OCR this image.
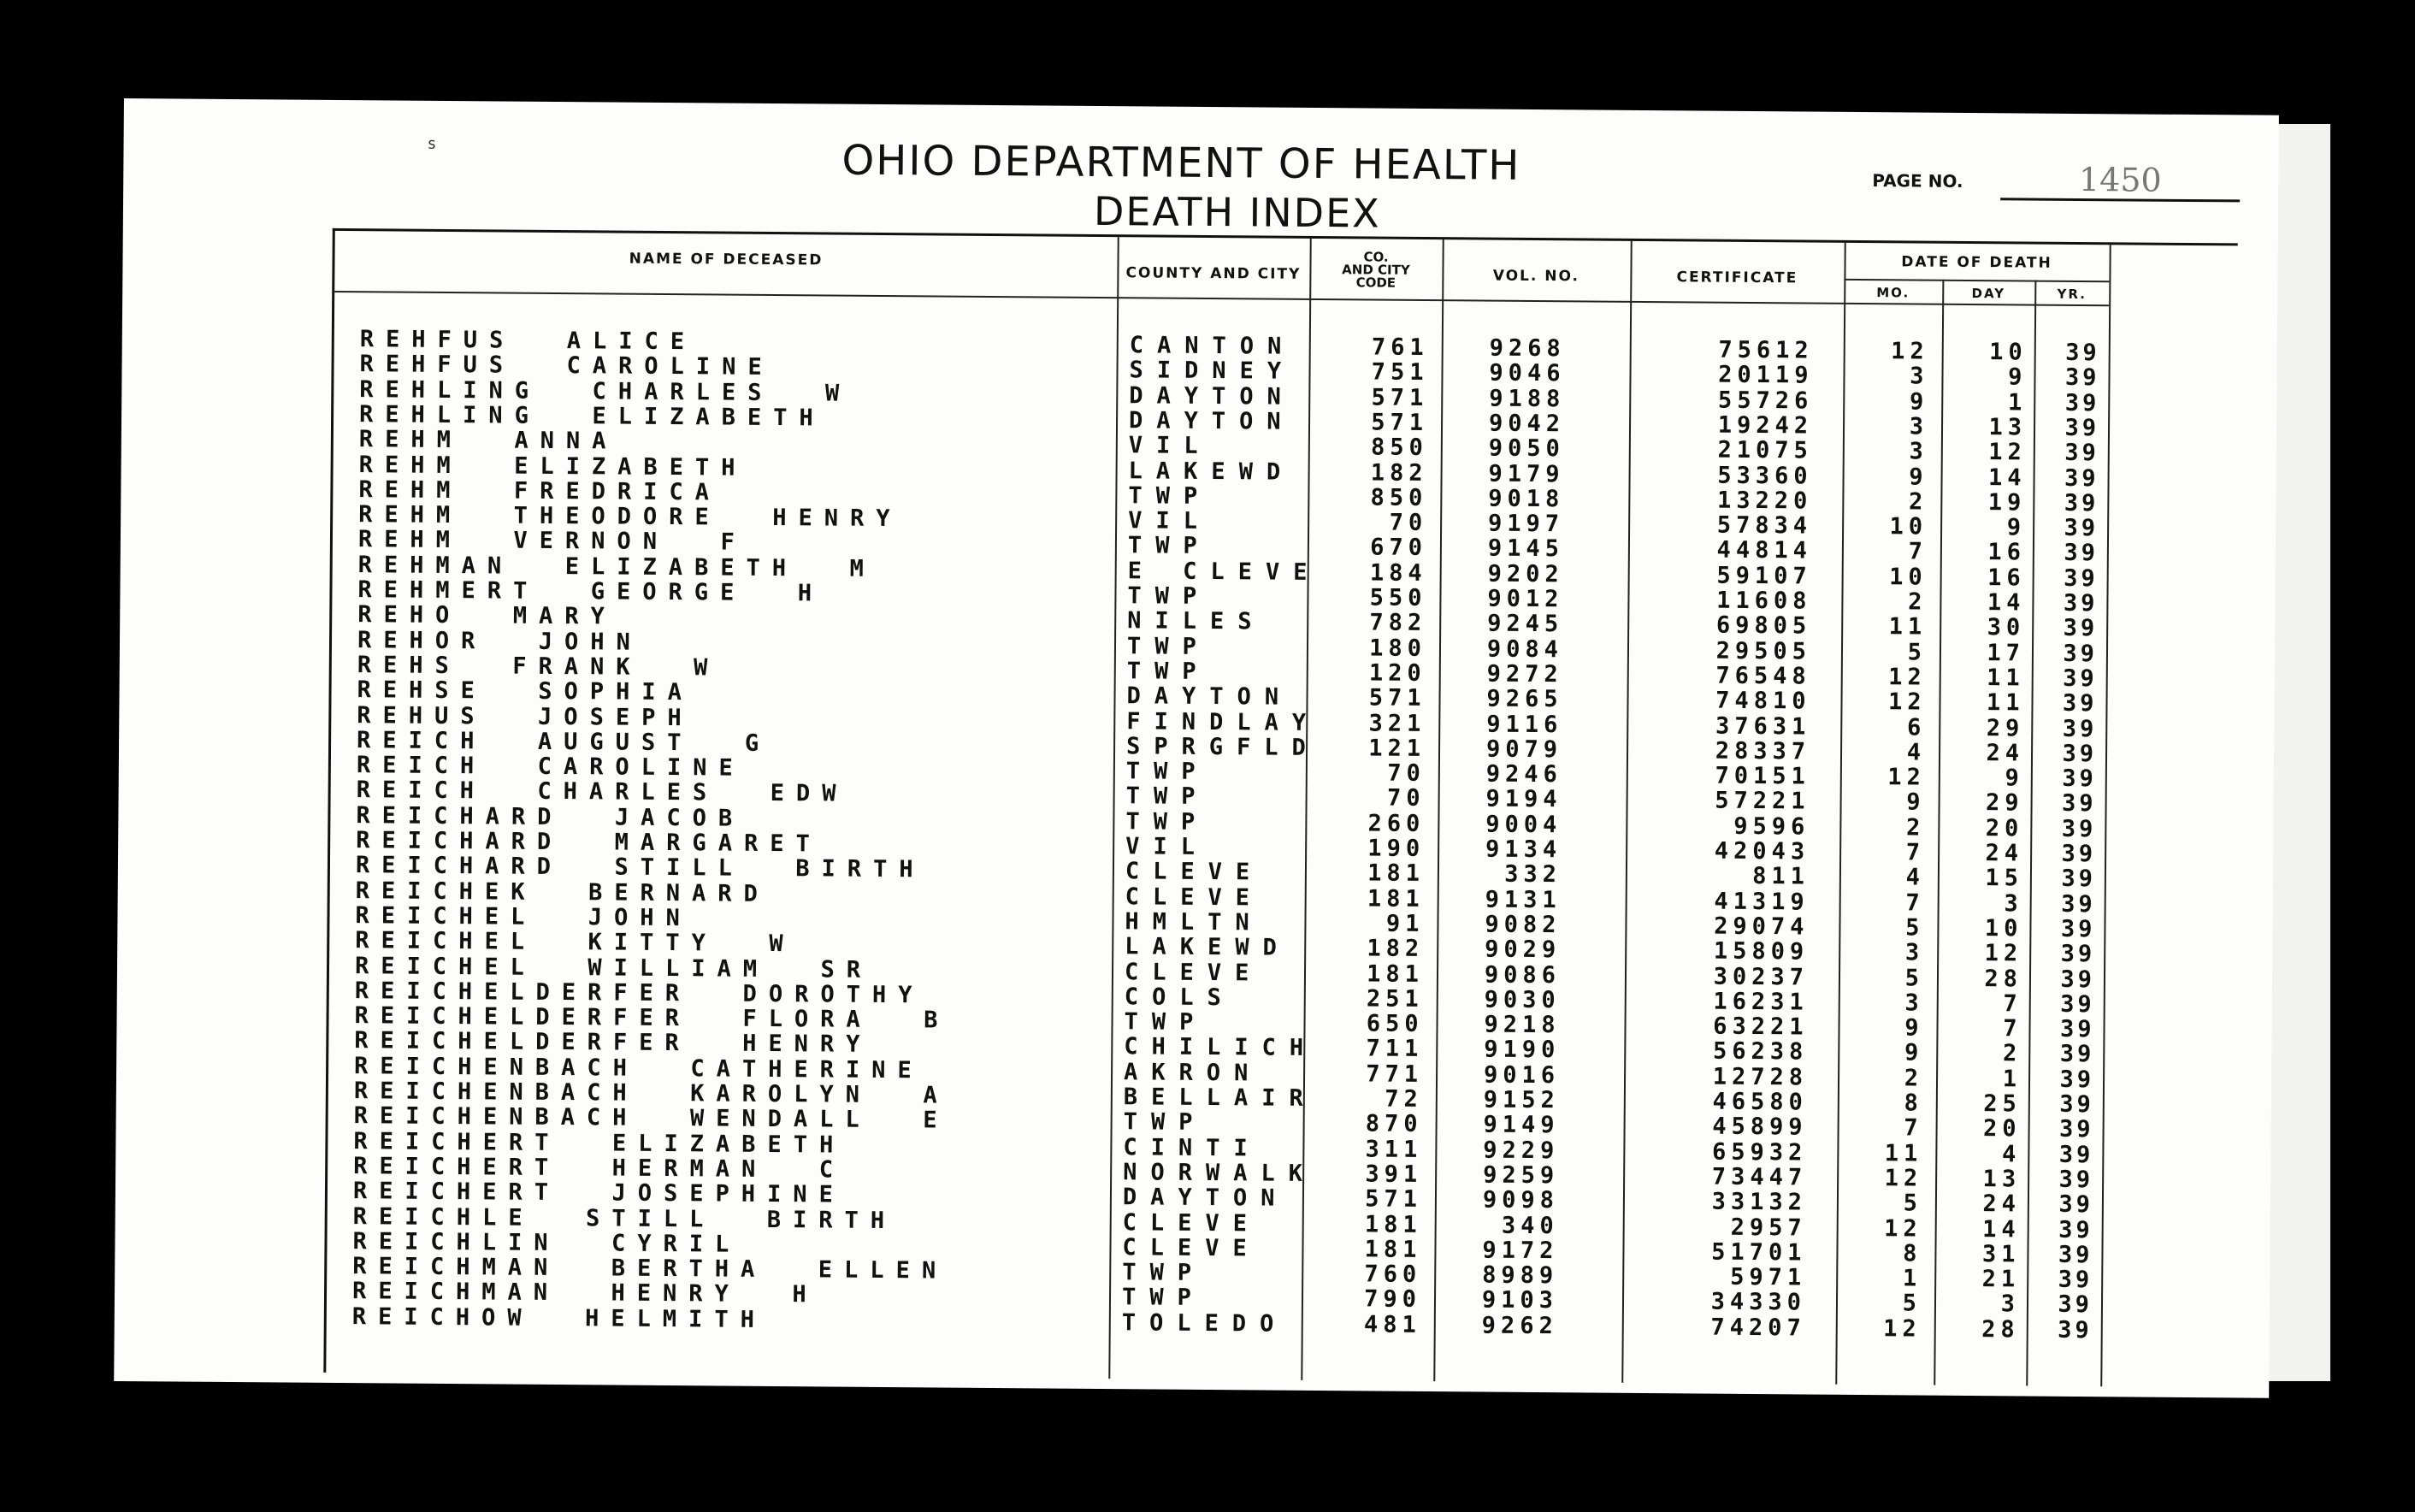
s	OHIO DEPARTMENT OF HEALTH
DEATH INDEX
PAGE NO.	1450
NAME OF DECEASED
COUNTY AND CITY
CO.
AND CITY
CODE	VOL. NO.	CERTIFICATE
DATE OF DEATH
MO.	DAY	YR.
REHFUS  ALICE	CANTON	761	9268	75612	12	10	39
REHFUS  CAROLINE	SIDNEY	751	9046	20119	3	9	39
REHLING  CHARLES  W	DAYTON	571	9188	55726	9	1	39
REHLING  ELIZABETH	DAYTON	571	9042	19242	3	13	39
REHM  ANNA	VIL	850	9050	21075	3	12	39
REHM  ELIZABETH	LAKEWD	182	9179	53360	9	14	39
REHM  FREDRICA	TWP	850	9018	13220	2	19	39
REHM  THEODORE  HENRY	VIL	70	9197	57834	10	9	39
REHM  VERNON  F	TWP	670	9145	44814	7	16	39
REHMAN  ELIZABETH  M	E CLEVE	184	9202	59107	10	16	39
REHMERT  GEORGE  H	TWP	550	9012	11608	2	14	39
REHO  MARY	NILES	782	9245	69805	11	30	39
REHOR  JOHN	TWP	180	9084	29505	5	17	39
REHS  FRANK  W	TWP	120	9272	76548	12	11	39
REHSE  SOPHIA	DAYTON	571	9265	74810	12	11	39
REHUS  JOSEPH	FINDLAY	321	9116	37631	6	29	39
REICH  AUGUST  G	SPRGFLD	121	9079	28337	4	24	39
REICH  CAROLINE	TWP	70	9246	70151	12	9	39
REICH  CHARLES  EDW	TWP	70	9194	57221	9	29	39
REICHARD  JACOB	TWP	260	9004	9596	2	20	39
REICHARD  MARGARET	VIL	190	9134	42043	7	24	39
REICHARD  STILL  BIRTH	CLEVE	181	332	811	4	15	39
REICHEK  BERNARD	CLEVE	181	9131	41319	7	3	39
REICHEL  JOHN	HMLTN	91	9082	29074	5	10	39
REICHEL  KITTY  W	LAKEWD	182	9029	15809	3	12	39
REICHEL  WILLIAM  SR	CLEVE	181	9086	30237	5	28	39
REICHELDERFER  DOROTHY	COLS	251	9030	16231	3	7	39
REICHELDERFER  FLORA  B	TWP	650	9218	63221	9	7	39
REICHELDERFER  HENRY	CHILICH	711	9190	56238	9	2	39
REICHENBACH  CATHERINE	AKRON	771	9016	12728	2	1	39
REICHENBACH  KAROLYN  A	BELLAIR	72	9152	46580	8	25	39
REICHENBACH  WENDALL  E	TWP	870	9149	45899	7	20	39
REICHERT  ELIZABETH	CINTI	311	9229	65932	11	4	39
REICHERT  HERMAN  C	NORWALK	391	9259	73447	12	13	39
REICHERT  JOSEPHINE	DAYTON	571	9098	33132	5	24	39
REICHLE  STILL  BIRTH	CLEVE	181	340	2957	12	14	39
REICHLIN  CYRIL	CLEVE	181	9172	51701	8	31	39
REICHMAN  BERTHA  ELLEN	TWP	760	8989	5971	1	21	39
REICHMAN  HENRY  H	TWP	790	9103	34330	5	3	39
REICHOW  HELMITH	TOLEDO	481	9262	74207	12	28	39
